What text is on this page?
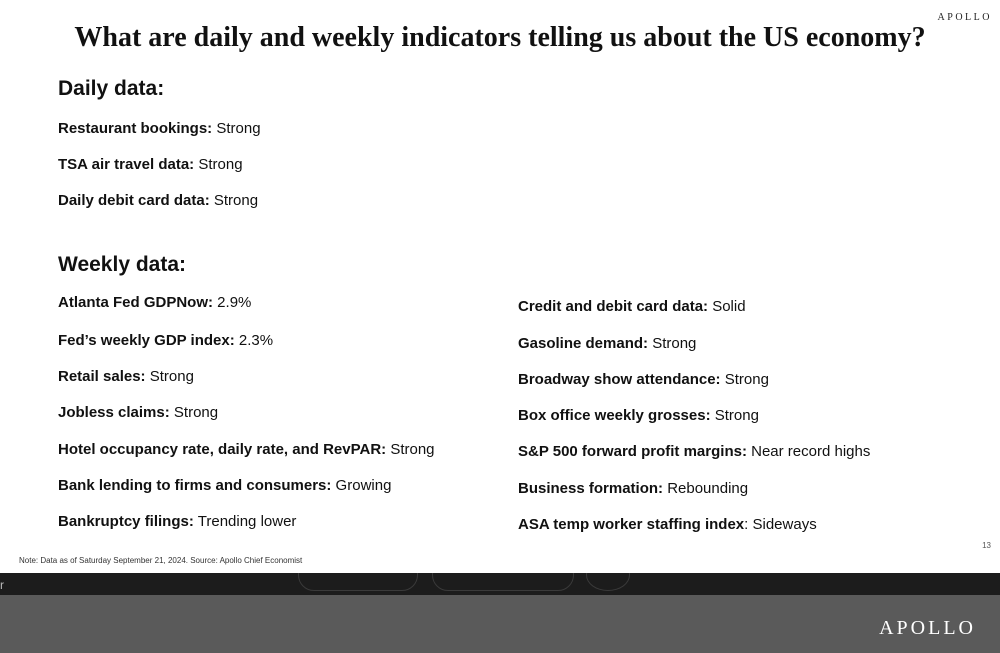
APOLLO
What are daily and weekly indicators telling us about the US economy?
Daily data:
Restaurant bookings: Strong
TSA air travel data: Strong
Daily debit card data: Strong
Weekly data:
Atlanta Fed GDPNow: 2.9%
Fed’s weekly GDP index: 2.3%
Retail sales: Strong
Jobless claims: Strong
Hotel occupancy rate, daily rate, and RevPAR: Strong
Bank lending to firms and consumers: Growing
Bankruptcy filings: Trending lower
Credit and debit card data: Solid
Gasoline demand: Strong
Broadway show attendance: Strong
Box office weekly grosses: Strong
S&P 500 forward profit margins: Near record highs
Business formation: Rebounding
ASA temp worker staffing index: Sideways
Note: Data as of Saturday September 21, 2024. Source: Apollo Chief Economist
13
r
APOLLO
